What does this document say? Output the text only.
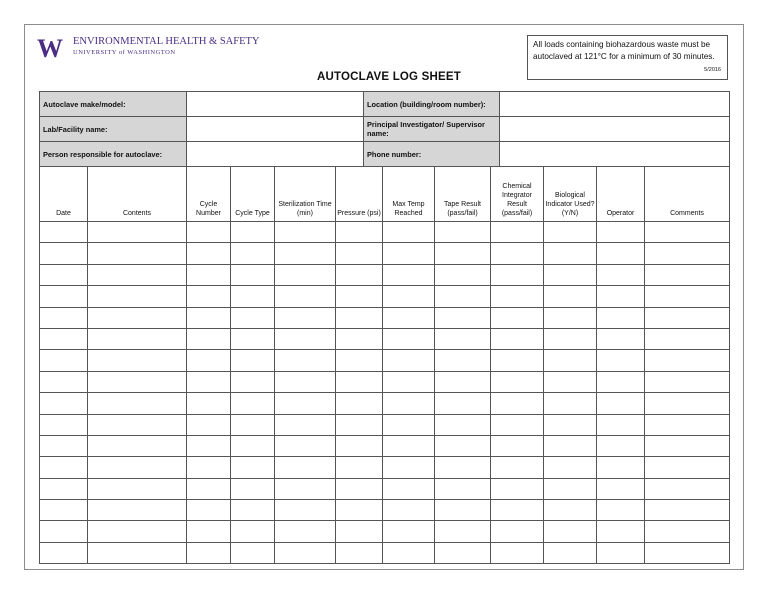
W ENVIRONMENTAL HEALTH & SAFETY
UNIVERSITY of WASHINGTON
All loads containing biohazardous waste must be autoclaved at 121°C for a minimum of 30 minutes.
5/2016
AUTOCLAVE LOG SHEET
Autoclave make/model:		Location (building/room number):	
Lab/Facility name:		Principal Investigator/ Supervisor name:	
Person responsible for autoclave:		Phone number:	
Date	Contents	Cycle Number	Cycle Type	Sterilization Time (min)	Pressure (psi)	Max Temp Reached	Tape Result (pass/fail)	Chemical Integrator Result (pass/fail)	Biological Indicator Used? (Y/N)	Operator	Comments
